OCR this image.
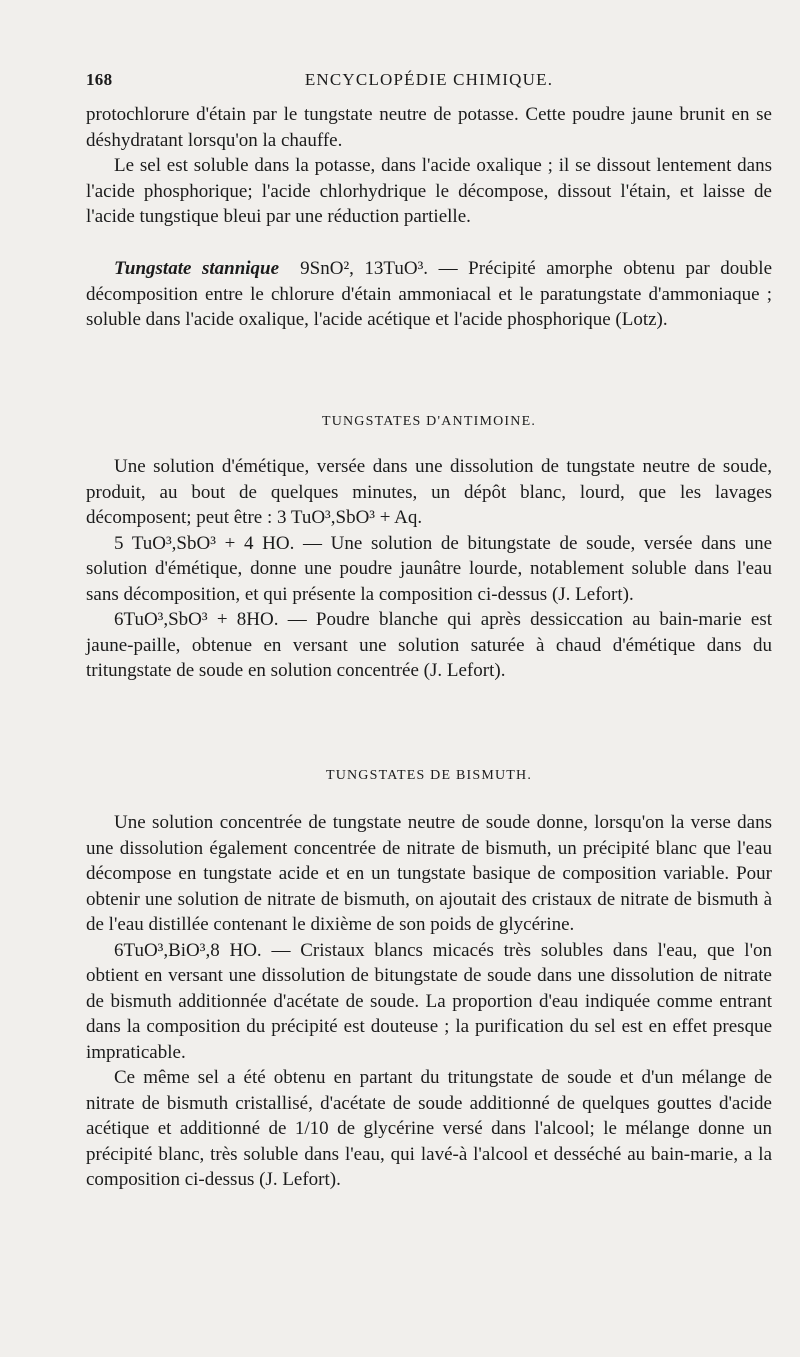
168	ENCYCLOPÉDIE CHIMIQUE.

protochlorure d'étain par le tungstate neutre de potasse. Cette poudre jaune brunit en se déshydratant lorsqu'on la chauffe.

Le sel est soluble dans la potasse, dans l'acide oxalique ; il se dissout lentement dans l'acide phosphorique; l'acide chlorhydrique le décompose, dissout l'étain, et laisse de l'acide tungstique bleui par une réduction partielle.

Tungstate stannique 9SnO², 13TuO³. — Précipité amorphe obtenu par double décomposition entre le chlorure d'étain ammoniacal et le paratungstate d'ammoniaque ; soluble dans l'acide oxalique, l'acide acétique et l'acide phosphorique (Lotz).

TUNGSTATES D'ANTIMOINE.

Une solution d'émétique, versée dans une dissolution de tungstate neutre de soude, produit, au bout de quelques minutes, un dépôt blanc, lourd, que les lavages décomposent; peut être : 3 TuO³,SbO³ + Aq.

5 TuO³,SbO³ + 4 HO. — Une solution de bitungstate de soude, versée dans une solution d'émétique, donne une poudre jaunâtre lourde, notablement soluble dans l'eau sans décomposition, et qui présente la composition ci-dessus (J. Lefort).

6TuO³,SbO³ + 8HO. — Poudre blanche qui après dessiccation au bain-marie est jaune-paille, obtenue en versant une solution saturée à chaud d'émétique dans du tritungstate de soude en solution concentrée (J. Lefort).

TUNGSTATES DE BISMUTH.

Une solution concentrée de tungstate neutre de soude donne, lorsqu'on la verse dans une dissolution également concentrée de nitrate de bismuth, un précipité blanc que l'eau décompose en tungstate acide et en un tungstate basique de composition variable. Pour obtenir une solution de nitrate de bismuth, on ajoutait des cristaux de nitrate de bismuth à de l'eau distillée contenant le dixième de son poids de glycérine.

6TuO³,BiO³,8 HO. — Cristaux blancs micacés très solubles dans l'eau, que l'on obtient en versant une dissolution de bitungstate de soude dans une dissolution de nitrate de bismuth additionnée d'acétate de soude. La proportion d'eau indiquée comme entrant dans la composition du précipité est douteuse ; la purification du sel est en effet presque impraticable.

Ce même sel a été obtenu en partant du tritungstate de soude et d'un mélange de nitrate de bismuth cristallisé, d'acétate de soude additionné de quelques gouttes d'acide acétique et additionné de 1/10 de glycérine versé dans l'alcool; le mélange donne un précipité blanc, très soluble dans l'eau, qui lavé-à l'alcool et desséché au bain-marie, a la composition ci-dessus (J. Lefort).
